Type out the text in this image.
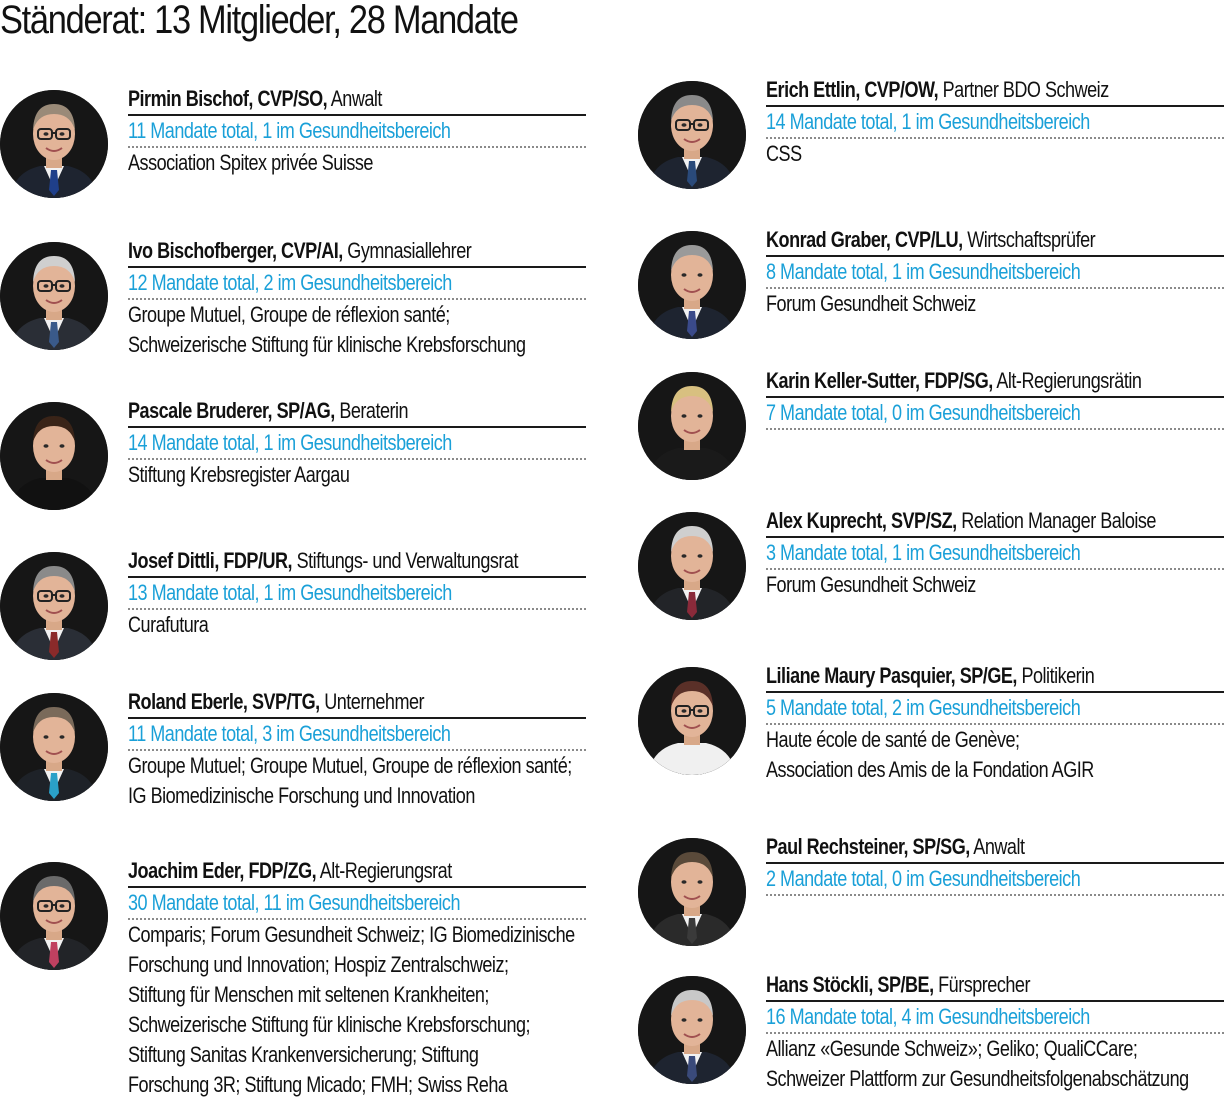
Ständerat: 13 Mitglieder, 28 Mandate
Pirmin Bischof, CVP/SO, Anwalt
11 Mandate total, 1 im Gesundheitsbereich
Association Spitex privée Suisse
Ivo Bischofberger, CVP/AI, Gymnasiallehrer
12 Mandate total, 2 im Gesundheitsbereich
Groupe Mutuel, Groupe de réflexion santé;
Schweizerische Stiftung für klinische Krebsforschung
Pascale Bruderer, SP/AG, Beraterin
14 Mandate total, 1 im Gesundheitsbereich
Stiftung Krebsregister Aargau
Josef Dittli, FDP/UR, Stiftungs- und Verwaltungsrat
13 Mandate total, 1 im Gesundheitsbereich
Curafutura
Roland Eberle, SVP/TG, Unternehmer
11 Mandate total, 3 im Gesundheitsbereich
Groupe Mutuel; Groupe Mutuel, Groupe de réflexion santé;
IG Biomedizinische Forschung und Innovation
Joachim Eder, FDP/ZG, Alt-Regierungsrat
30 Mandate total, 11 im Gesundheitsbereich
Comparis; Forum Gesundheit Schweiz; IG Biomedizinische
Forschung und Innovation; Hospiz Zentralschweiz;
Stiftung für Menschen mit seltenen Krankheiten;
Schweizerische Stiftung für klinische Krebsforschung;
Stiftung Sanitas Krankenversicherung; Stiftung
Forschung 3R; Stiftung Micado; FMH; Swiss Reha
Erich Ettlin, CVP/OW, Partner BDO Schweiz
14 Mandate total, 1 im Gesundheitsbereich
CSS
Konrad Graber, CVP/LU, Wirtschaftsprüfer
8 Mandate total, 1 im Gesundheitsbereich
Forum Gesundheit Schweiz
Karin Keller-Sutter, FDP/SG, Alt-Regierungsrätin
7 Mandate total, 0 im Gesundheitsbereich
Alex Kuprecht, SVP/SZ, Relation Manager Baloise
3 Mandate total, 1 im Gesundheitsbereich
Forum Gesundheit Schweiz
Liliane Maury Pasquier, SP/GE, Politikerin
5 Mandate total, 2 im Gesundheitsbereich
Haute école de santé de Genève;
Association des Amis de la Fondation AGIR
Paul Rechsteiner, SP/SG, Anwalt
2 Mandate total, 0 im Gesundheitsbereich
Hans Stöckli, SP/BE, Fürsprecher
16 Mandate total, 4 im Gesundheitsbereich
Allianz «Gesunde Schweiz»; Geliko; QualiCCare;
Schweizer Plattform zur Gesundheitsfolgenabschätzung
